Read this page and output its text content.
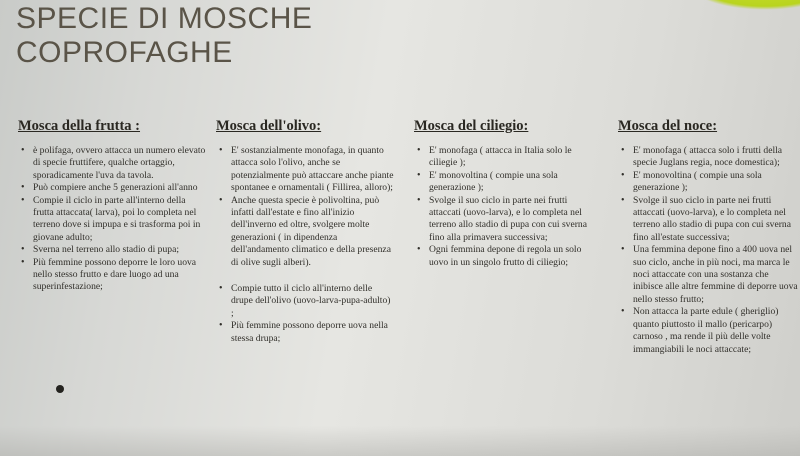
SPECIE DI MOSCHE
COPROFAGHE
Mosca della frutta :
• è polifaga, ovvero attacca un numero elevato di specie fruttifere, qualche ortaggio, sporadicamente l'uva da tavola.
• Può compiere anche 5 generazioni all'anno
• Compie il ciclo in parte all'interno della frutta attaccata( larva), poi lo completa nel terreno dove si impupa e si trasforma poi in giovane adulto;
• Sverna nel terreno allo stadio di pupa;
• Più femmine possono deporre le loro uova nello stesso frutto e dare luogo ad una superinfestazione;
Mosca dell'olivo:
• E' sostanzialmente monofaga, in quanto attacca solo l'olivo, anche se potenzialmente può attaccare anche piante spontanee e ornamentali ( Fillirea, alloro);
• Anche questa specie è polivoltina, può infatti dall'estate e fino all'inizio dell'inverno ed oltre, svolgere molte generazioni ( in dipendenza dell'andamento climatico e della presenza di olive sugli alberi).
• Compie tutto il ciclo all'interno delle drupe dell'olivo (uovo-larva-pupa-adulto) ;
• Più femmine possono deporre uova nella stessa drupa;
Mosca del ciliegio:
• E' monofaga ( attacca in Italia solo le ciliegie );
• E' monovoltina ( compie una sola generazione );
• Svolge il suo ciclo in parte nei frutti attaccati (uovo-larva), e lo completa nel terreno allo stadio di pupa con cui sverna fino alla primavera successiva;
• Ogni femmina depone di regola un solo uovo in un singolo frutto di ciliegio;
Mosca del noce:
• E' monofaga ( attacca solo i frutti della specie Juglans regia, noce domestica);
• E' monovoltina ( compie una sola generazione );
• Svolge il suo ciclo in parte nei frutti attaccati (uovo-larva), e lo completa nel terreno allo stadio di pupa con cui sverna fino all'estate successiva;
• Una femmina depone fino a 400 uova nel suo ciclo, anche in più noci, ma marca le noci attaccate con una sostanza che inibisce alle altre femmine di deporre uova nello stesso frutto;
• Non attacca la parte edule ( gheriglio) quanto piuttosto il mallo (pericarpo) carnoso , ma rende il più delle volte immangiabili le noci attaccate;
